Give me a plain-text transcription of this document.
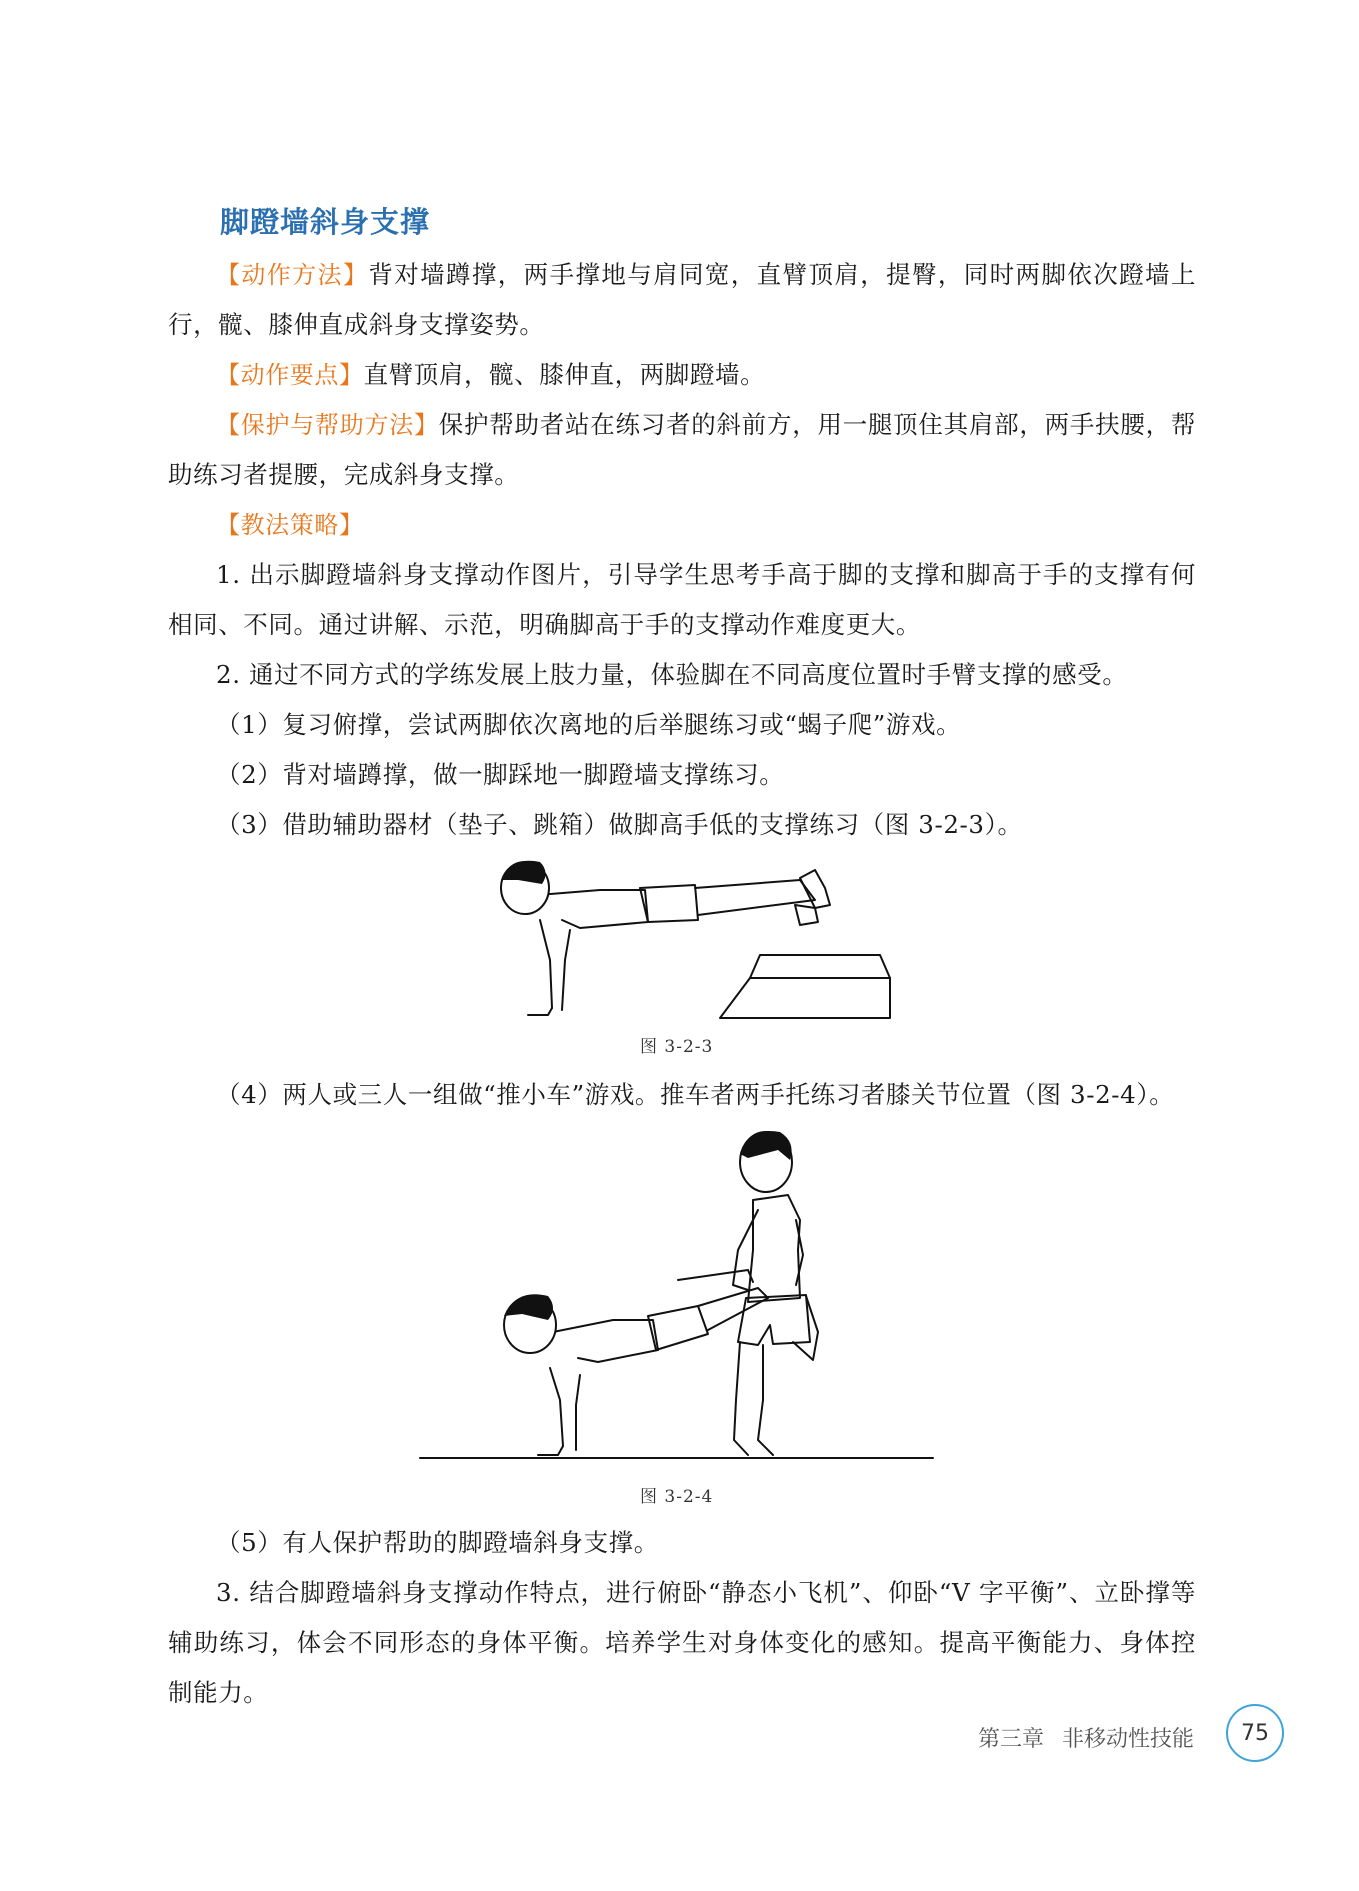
脚蹬墙斜身支撑
【动作方法】背对墙蹲撑，两手撑地与肩同宽，直臂顶肩，提臀，同时两脚依次蹬墙上行，髋、膝伸直成斜身支撑姿势。
【动作要点】直臂顶肩，髋、膝伸直，两脚蹬墙。
【保护与帮助方法】保护帮助者站在练习者的斜前方，用一腿顶住其肩部，两手扶腰，帮助练习者提腰，完成斜身支撑。
【教法策略】
1. 出示脚蹬墙斜身支撑动作图片，引导学生思考手高于脚的支撑和脚高于手的支撑有何相同、不同。通过讲解、示范，明确脚高于手的支撑动作难度更大。
2. 通过不同方式的学练发展上肢力量，体验脚在不同高度位置时手臂支撑的感受。
（1）复习俯撑，尝试两脚依次离地的后举腿练习或“蝎子爬”游戏。
（2）背对墙蹲撑，做一脚踩地一脚蹬墙支撑练习。
（3）借助辅助器材（垫子、跳箱）做脚高手低的支撑练习（图 3-2-3）。
图 3-2-3
（4）两人或三人一组做“推小车”游戏。推车者两手托练习者膝关节位置（图 3-2-4）。
图 3-2-4
（5）有人保护帮助的脚蹬墙斜身支撑。
3. 结合脚蹬墙斜身支撑动作特点，进行俯卧“静态小飞机”、仰卧“V 字平衡”、立卧撑等辅助练习，体会不同形态的身体平衡。培养学生对身体变化的感知。提高平衡能力、身体控制能力。
第三章 非移动性技能 75
